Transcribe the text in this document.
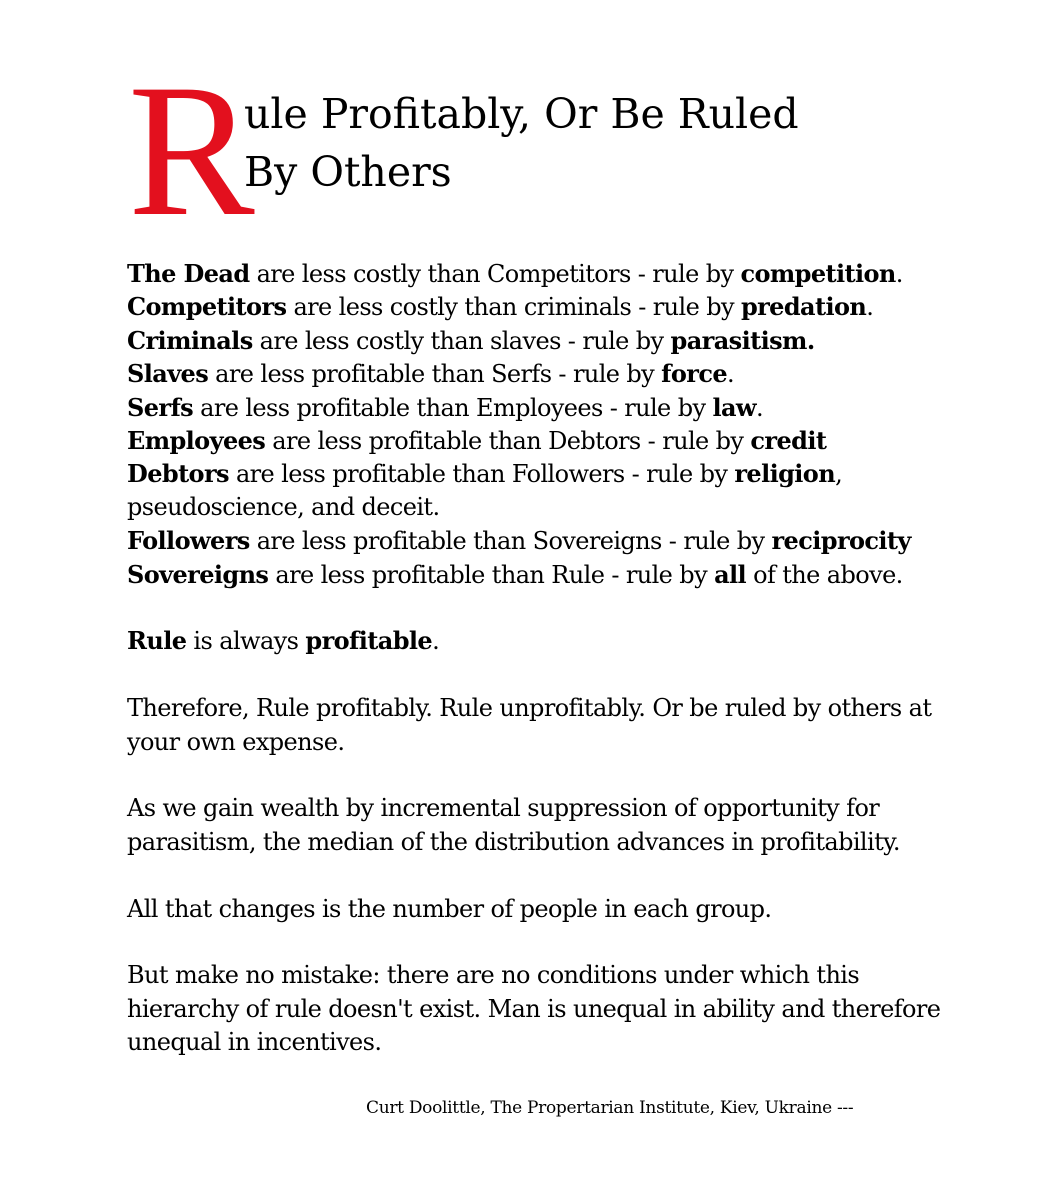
R
ule Profitably, Or Be Ruled
By Others
The Dead are less costly than Competitors - rule by competition.
Competitors are less costly than criminals - rule by predation.
Criminals are less costly than slaves - rule by parasitism.
Slaves are less profitable than Serfs - rule by force.
Serfs are less profitable than Employees - rule by law.
Employees are less profitable than Debtors - rule by credit
Debtors are less profitable than Followers - rule by religion,
pseudoscience, and deceit.
Followers are less profitable than Sovereigns - rule by reciprocity
Sovereigns are less profitable than Rule - rule by all of the above.
Rule is always profitable.
Therefore, Rule profitably. Rule unprofitably. Or be ruled by others at
your own expense.
As we gain wealth by incremental suppression of opportunity for
parasitism, the median of the distribution advances in profitability.
All that changes is the number of people in each group.
But make no mistake: there are no conditions under which this
hierarchy of rule doesn't exist. Man is unequal in ability and therefore
unequal in incentives.
Curt Doolittle, The Propertarian Institute, Kiev, Ukraine ---
